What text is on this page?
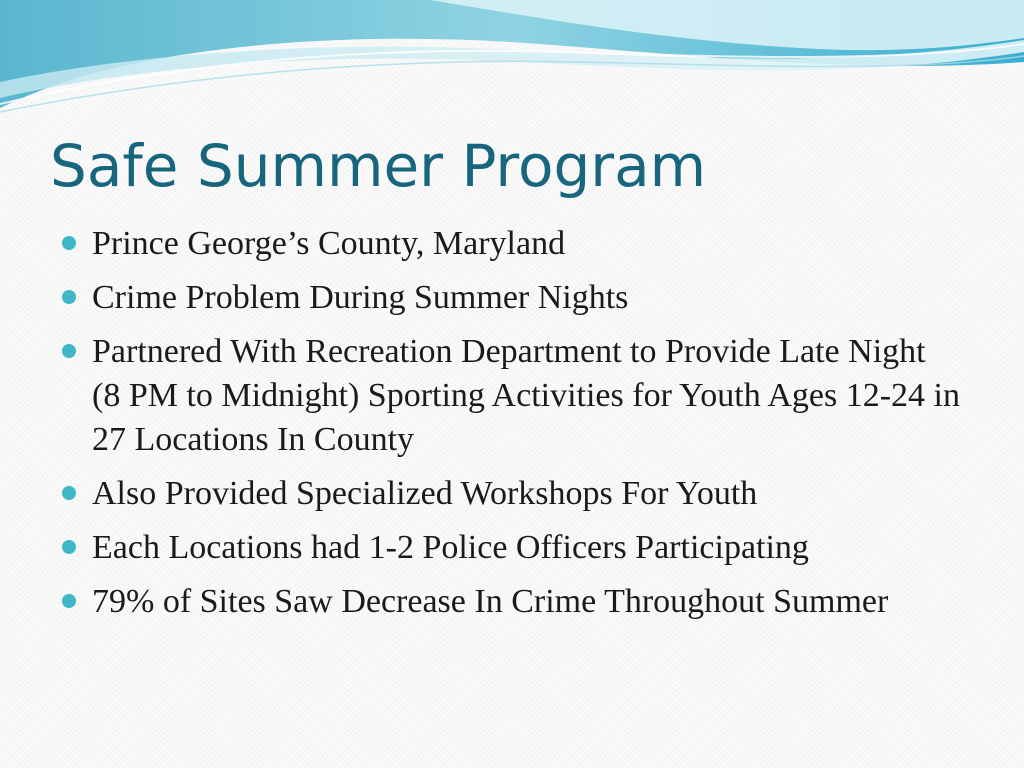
Safe Summer Program
Prince George’s County, Maryland
Crime Problem During Summer Nights
Partnered With Recreation Department to Provide Late Night (8 PM to Midnight) Sporting Activities for Youth Ages 12-24 in 27 Locations In County
Also Provided Specialized Workshops For Youth
Each Locations had 1-2 Police Officers Participating
79% of Sites Saw Decrease In Crime Throughout Summer
